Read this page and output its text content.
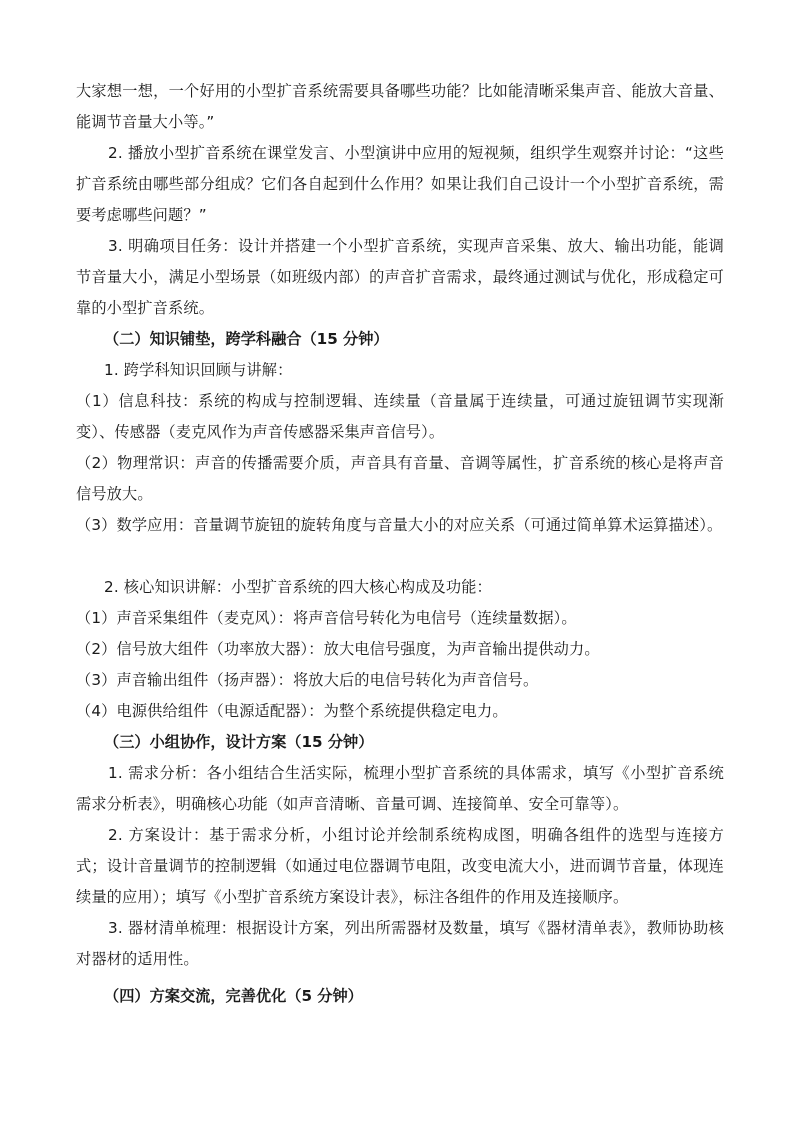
大家想一想，一个好用的小型扩音系统需要具备哪些功能？比如能清晰采集声音、能放大音量、能调节音量大小等。”

2. 播放小型扩音系统在课堂发言、小型演讲中应用的短视频，组织学生观察并讨论：“这些扩音系统由哪些部分组成？它们各自起到什么作用？如果让我们自己设计一个小型扩音系统，需要考虑哪些问题？”

3. 明确项目任务：设计并搭建一个小型扩音系统，实现声音采集、放大、输出功能，能调节音量大小，满足小型场景（如班级内部）的声音扩音需求，最终通过测试与优化，形成稳定可靠的小型扩音系统。

（二）知识铺垫，跨学科融合（15 分钟）

1. 跨学科知识回顾与讲解：

（1）信息科技：系统的构成与控制逻辑、连续量（音量属于连续量，可通过旋钮调节实现渐变）、传感器（麦克风作为声音传感器采集声音信号）。

（2）物理常识：声音的传播需要介质，声音具有音量、音调等属性，扩音系统的核心是将声音信号放大。

（3）数学应用：音量调节旋钮的旋转角度与音量大小的对应关系（可通过简单算术运算描述）。

2. 核心知识讲解：小型扩音系统的四大核心构成及功能：

（1）声音采集组件（麦克风）：将声音信号转化为电信号（连续量数据）。

（2）信号放大组件（功率放大器）：放大电信号强度，为声音输出提供动力。

（3）声音输出组件（扬声器）：将放大后的电信号转化为声音信号。

（4）电源供给组件（电源适配器）：为整个系统提供稳定电力。

（三）小组协作，设计方案（15 分钟）

1. 需求分析：各小组结合生活实际，梳理小型扩音系统的具体需求，填写《小型扩音系统需求分析表》，明确核心功能（如声音清晰、音量可调、连接简单、安全可靠等）。

2. 方案设计：基于需求分析，小组讨论并绘制系统构成图，明确各组件的选型与连接方式；设计音量调节的控制逻辑（如通过电位器调节电阻，改变电流大小，进而调节音量，体现连续量的应用）；填写《小型扩音系统方案设计表》，标注各组件的作用及连接顺序。

3. 器材清单梳理：根据设计方案，列出所需器材及数量，填写《器材清单表》，教师协助核对器材的适用性。

（四）方案交流，完善优化（5 分钟）
